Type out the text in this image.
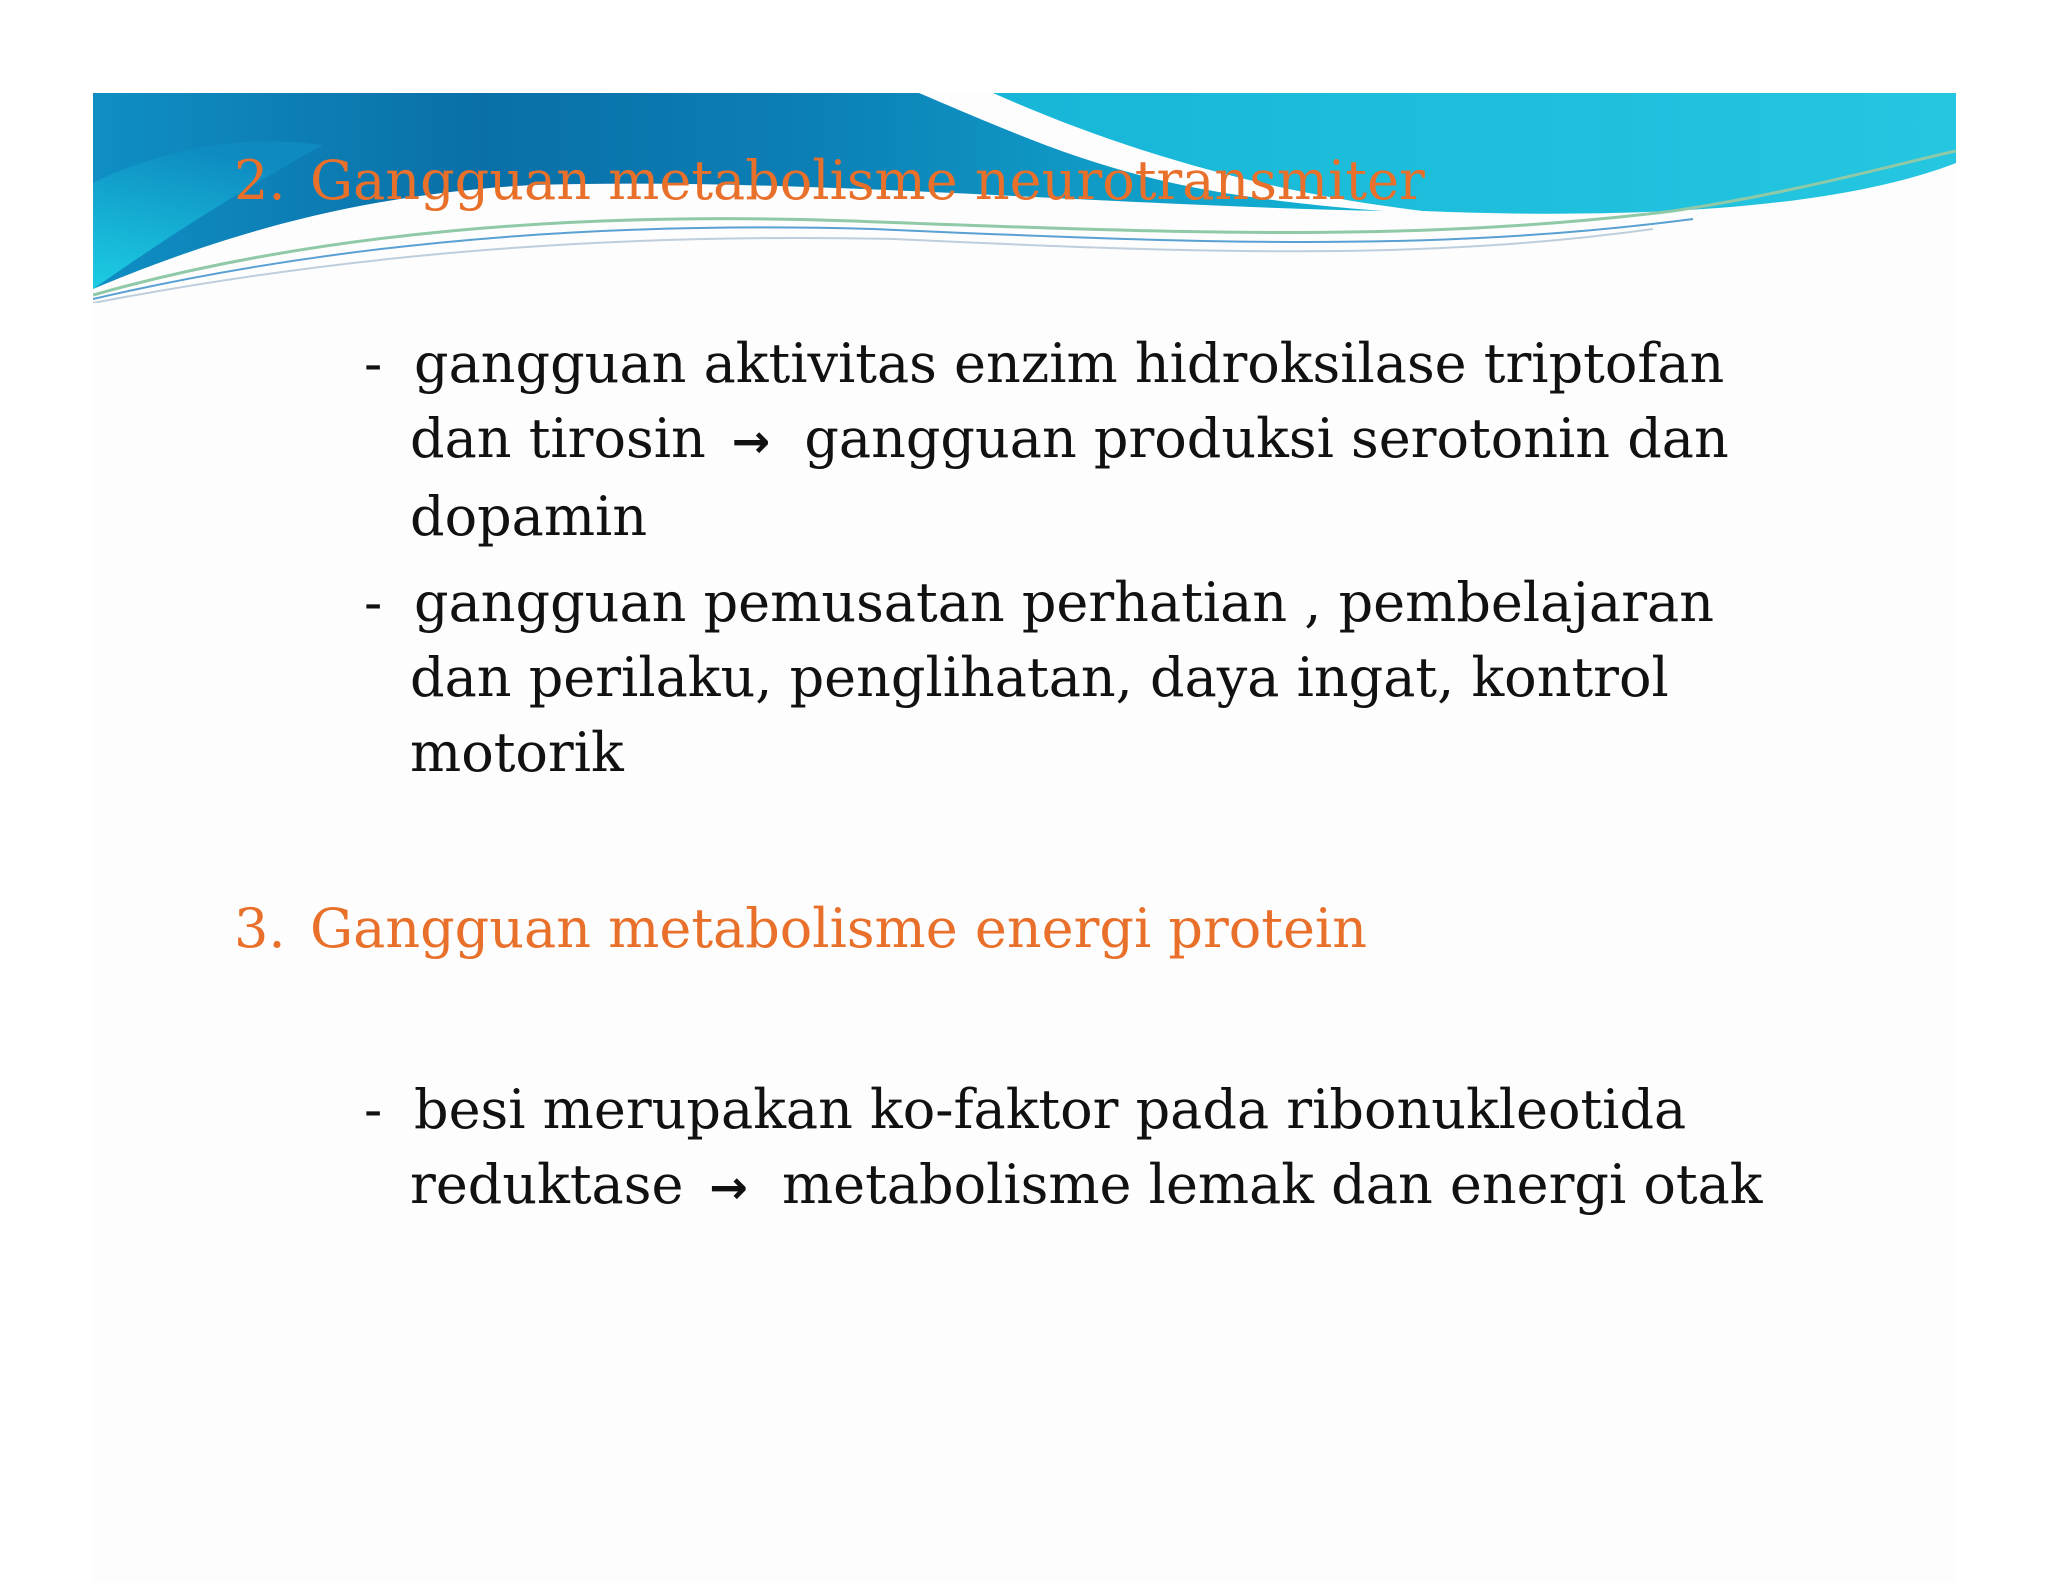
2. Gangguan metabolisme neurotransmiter
- gangguan aktivitas enzim hidroksilase triptofan
dan tirosin → gangguan produksi serotonin dan
dopamin
- gangguan pemusatan perhatian , pembelajaran
dan perilaku, penglihatan, daya ingat, kontrol
motorik
3. Gangguan metabolisme energi protein
- besi merupakan ko-faktor pada ribonukleotida
reduktase → metabolisme lemak dan energi otak
